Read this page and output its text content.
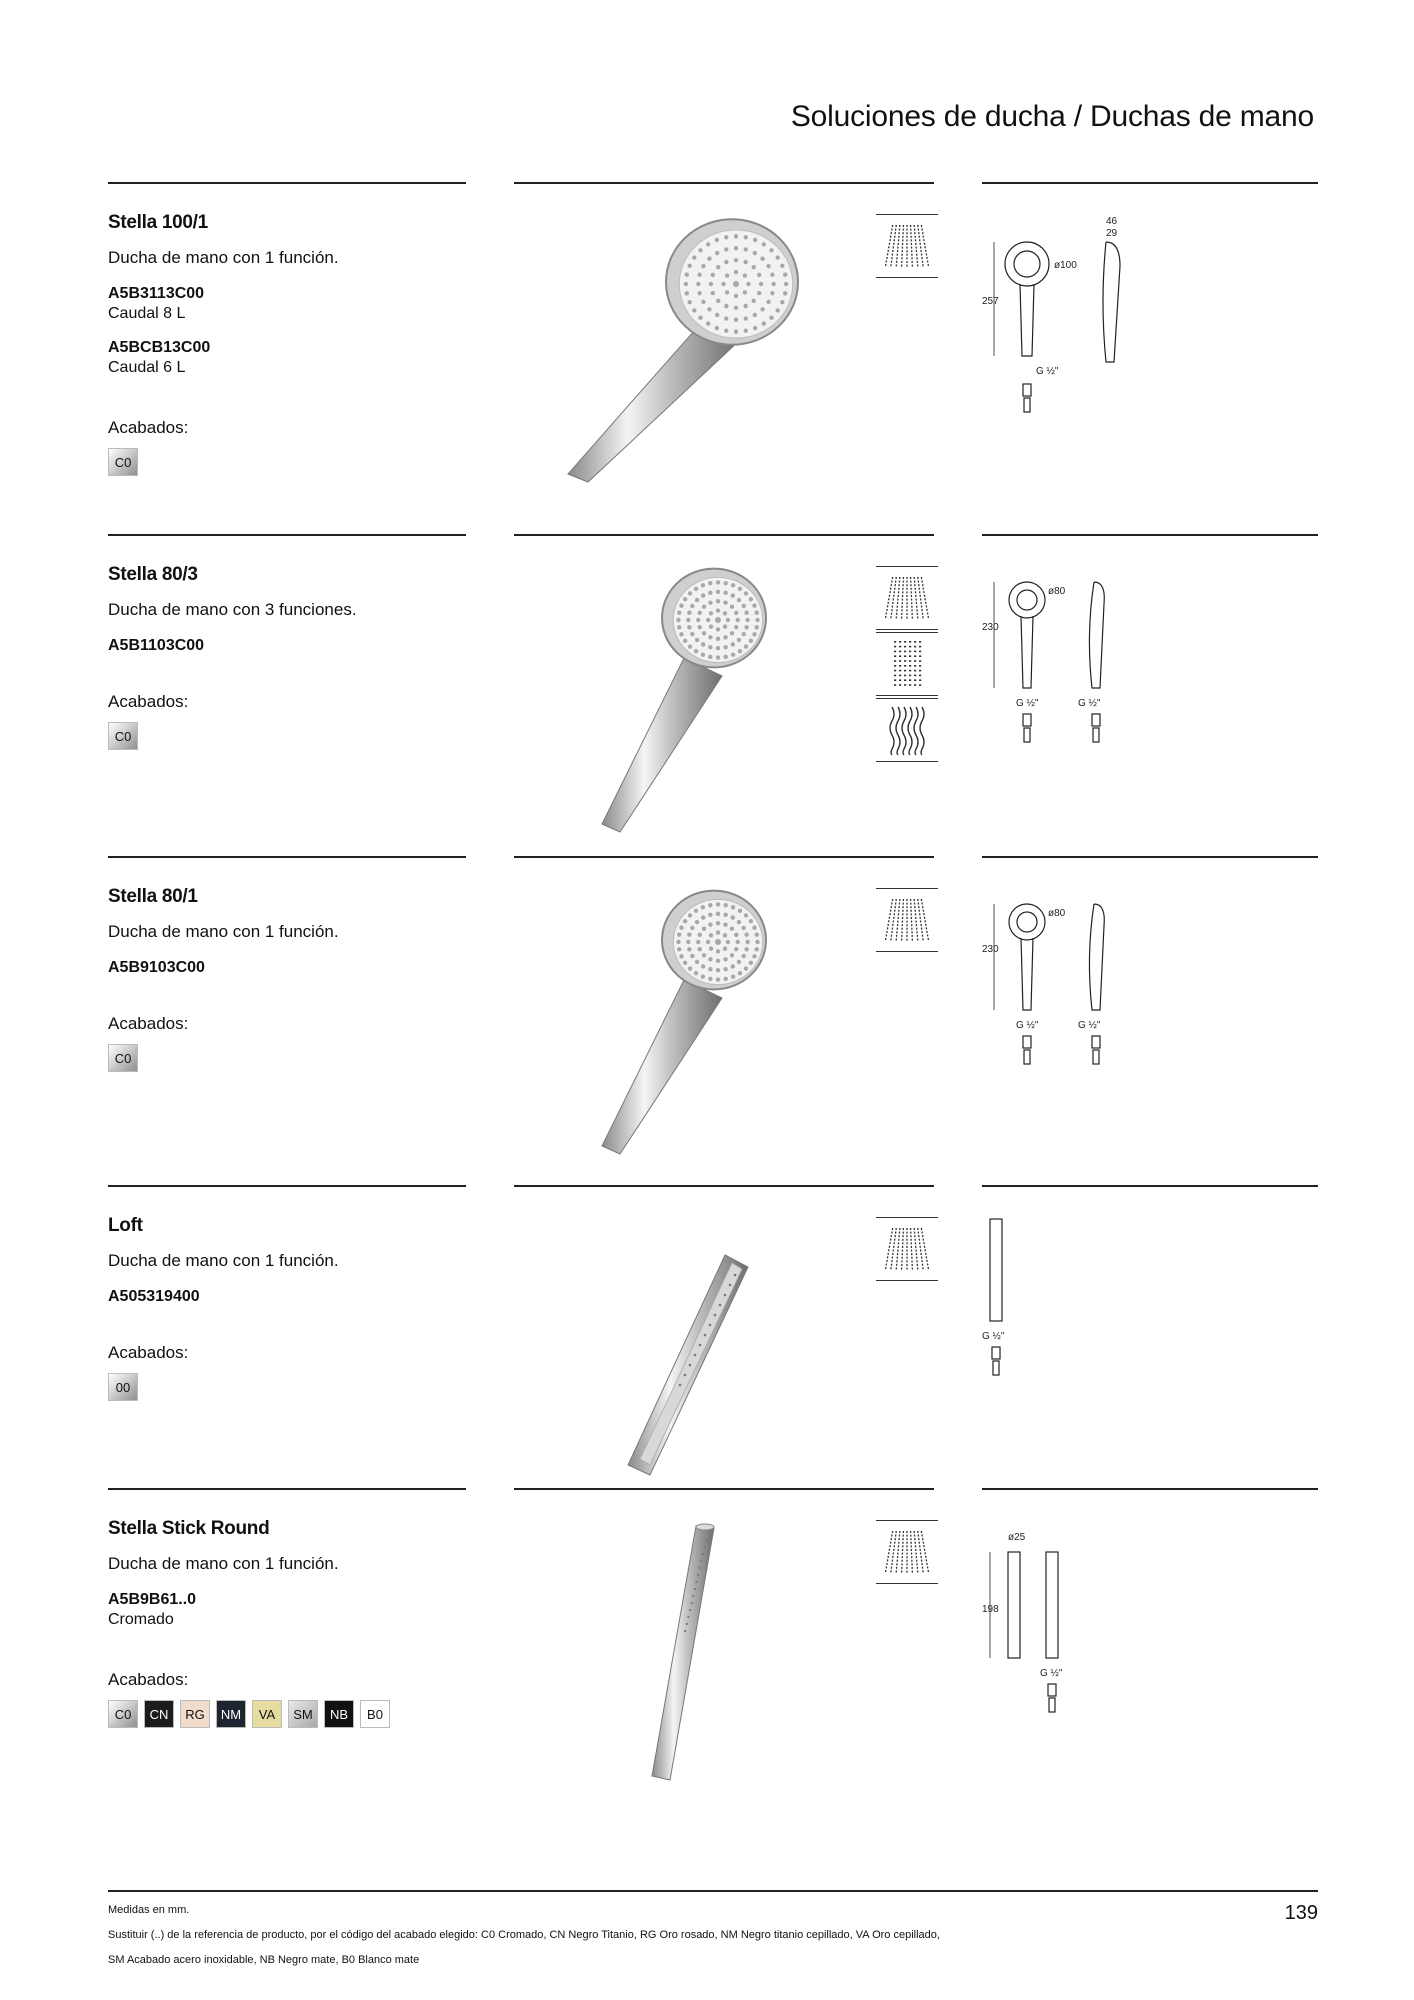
Soluciones de ducha / Duchas de mano
Stella 100/1
Ducha de mano con 1 función.
A5B3113C00
Caudal 8 L
A5BCB13C00
Caudal 6 L
Acabados:
C0
257
ø100
G ½"
46
29
Stella 80/3
Ducha de mano con 3 funciones.
A5B1103C00
Acabados:
C0
230
ø80
G ½"	G ½"
Stella 80/1
Ducha de mano con 1 función.
A5B9103C00
Acabados:
C0
230
ø80
G ½"	G ½"
Loft
Ducha de mano con 1 función.
A505319400
Acabados:
00
G ½"
Stella Stick Round
Ducha de mano con 1 función.
A5B9B61..0
Cromado
Acabados:
C0	CN	RG	NM	VA	SM	NB	B0
198
ø25
G ½"
Medidas en mm.
Sustituir (..) de la referencia de producto, por el código del acabado elegido: C0 Cromado, CN Negro Titanio, RG Oro rosado, NM Negro titanio cepillado, VA Oro cepillado,
SM Acabado acero inoxidable, NB Negro mate, B0 Blanco mate
139
